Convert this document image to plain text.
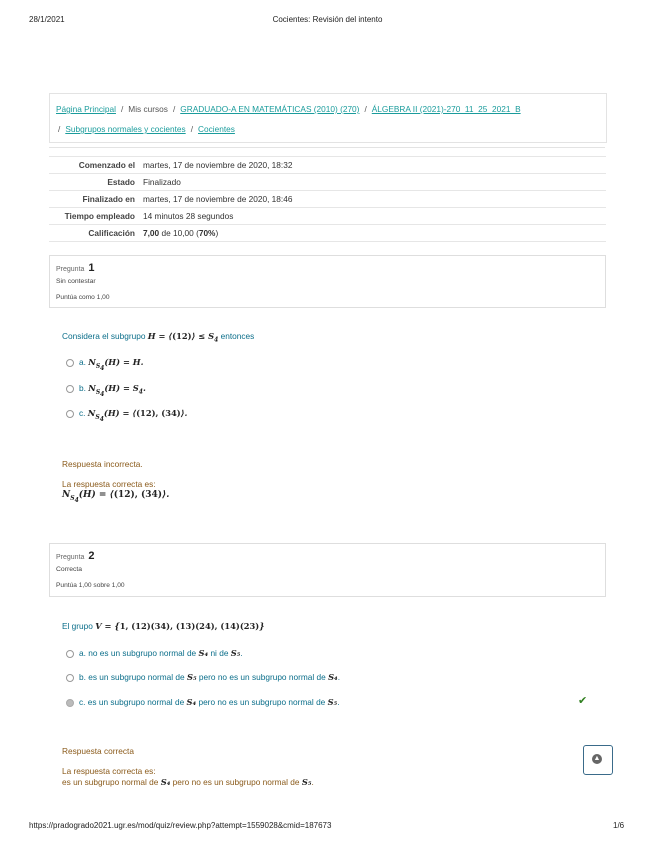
28/1/2021	Cocientes: Revisión del intento
https://pradogrado2021.ugr.es/mod/quiz/review.php?attempt=1559028&cmid=187673	1/6
Página Principal / Mis cursos / GRADUADO-A EN MATEMÁTICAS (2010) (270) / ÁLGEBRA II (2021)-270_11_25_2021_B
/ Subgrupos normales y cocientes / Cocientes
Comenzado el	martes, 17 de noviembre de 2020, 18:32
Estado	Finalizado
Finalizado en	martes, 17 de noviembre de 2020, 18:46
Tiempo empleado	14 minutos 28 segundos
Calificación	7,00 de 10,00 (70%)
Pregunta 1
Sin contestar
Puntúa como 1,00
Considera el subgrupo H = ⟨(12)⟩ ≤ $S_4$ entonces
a. $N_{S_4}(H) = H$.
b. $N_{S_4}(H) = S_4$.
c. $N_{S_4}(H)$ = ⟨(12), (34)⟩.
Respuesta incorrecta.
La respuesta correcta es:
$N_{S_4}(H)$ = ⟨(12), (34)⟩.
Pregunta 2
Correcta
Puntúa 1,00 sobre 1,00
El grupo V = {1, (12)(34), (13)(24), (14)(23)}
a. no es un subgrupo normal de S₄ ni de S₅.
b. es un subgrupo normal de S₅ pero no es un subgrupo normal de S₄.
c. es un subgrupo normal de S₄ pero no es un subgrupo normal de S₅.	✔
Respuesta correcta
La respuesta correcta es:
es un subgrupo normal de S₄ pero no es un subgrupo normal de S₅.
▲
